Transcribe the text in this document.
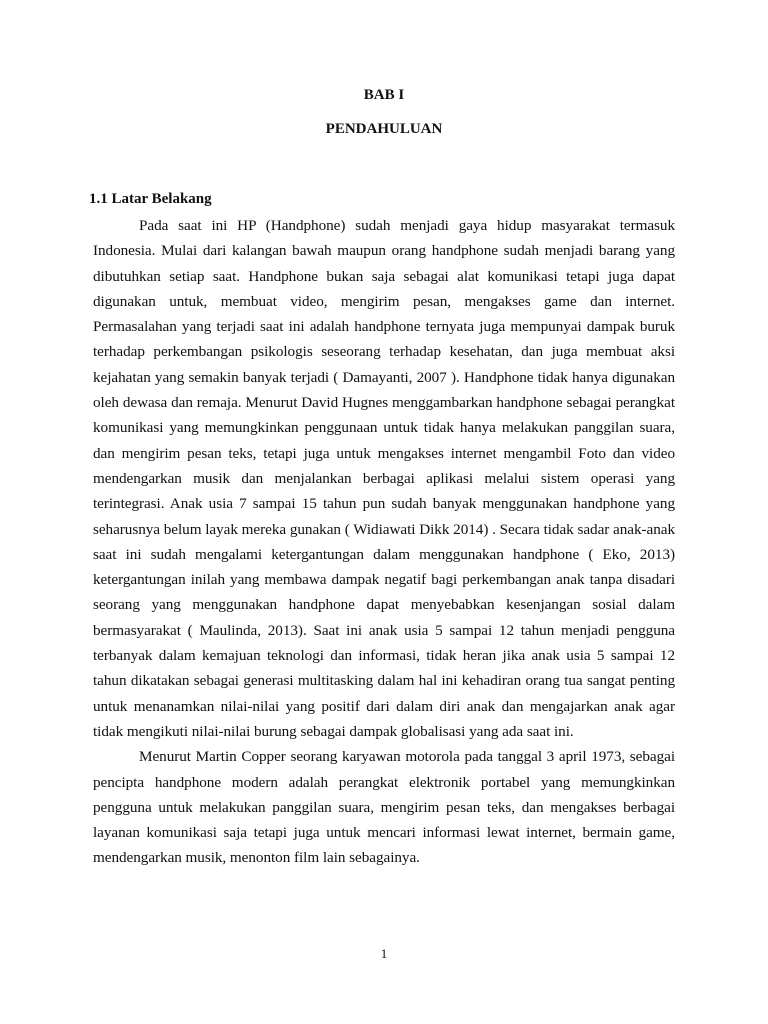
BAB I
PENDAHULUAN
1.1 Latar Belakang

Pada saat ini HP (Handphone) sudah menjadi gaya hidup masyarakat termasuk Indonesia. Mulai dari kalangan bawah maupun orang handphone sudah menjadi barang yang dibutuhkan setiap saat. Handphone bukan saja sebagai alat komunikasi tetapi juga dapat digunakan untuk, membuat video, mengirim pesan, mengakses game dan internet. Permasalahan yang terjadi saat ini adalah handphone ternyata juga mempunyai dampak buruk terhadap perkembangan psikologis seseorang terhadap kesehatan, dan juga membuat aksi kejahatan yang semakin banyak terjadi ( Damayanti, 2007 ). Handphone tidak hanya digunakan oleh dewasa dan remaja. Menurut David Hugnes menggambarkan handphone sebagai perangkat komunikasi yang memungkinkan penggunaan untuk tidak hanya melakukan panggilan suara, dan mengirim pesan teks, tetapi juga untuk mengakses internet mengambil Foto dan video mendengarkan musik dan menjalankan berbagai aplikasi melalui sistem operasi yang terintegrasi. Anak usia 7 sampai 15 tahun pun sudah banyak menggunakan handphone yang seharusnya belum layak mereka gunakan ( Widiawati Dikk 2014) . Secara tidak sadar anak-anak saat ini sudah mengalami ketergantungan dalam menggunakan handphone ( Eko, 2013) ketergantungan inilah yang membawa dampak negatif bagi perkembangan anak tanpa disadari seorang yang menggunakan handphone dapat menyebabkan kesenjangan sosial dalam bermasyarakat ( Maulinda, 2013). Saat ini anak usia 5 sampai 12 tahun menjadi pengguna terbanyak dalam kemajuan teknologi dan informasi, tidak heran jika anak usia 5 sampai 12 tahun dikatakan sebagai generasi multitasking dalam hal ini kehadiran orang tua sangat penting untuk menanamkan nilai-nilai yang positif dari dalam diri anak dan mengajarkan anak agar tidak mengikuti nilai-nilai burung sebagai dampak globalisasi yang ada saat ini.

Menurut Martin Copper seorang karyawan motorola pada tanggal 3 april 1973, sebagai pencipta handphone modern adalah perangkat elektronik portabel yang memungkinkan pengguna untuk melakukan panggilan suara, mengirim pesan teks, dan mengakses berbagai layanan komunikasi saja tetapi juga untuk mencari informasi lewat internet, bermain game, mendengarkan musik, menonton film lain sebagainya.

1
